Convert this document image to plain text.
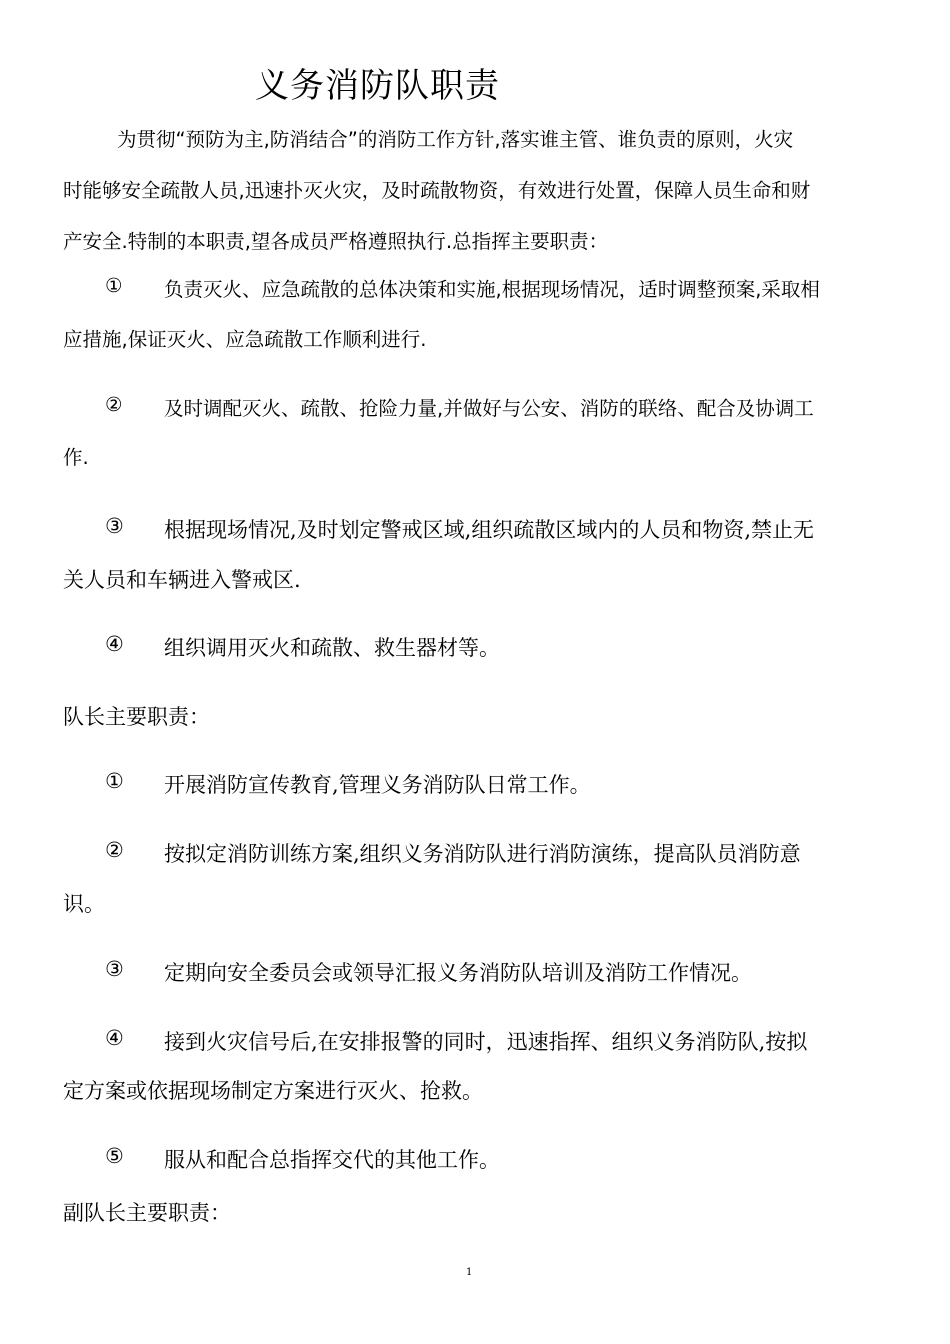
义务消防队职责
为贯彻“预防为主,防消结合”的消防工作方针,落实谁主管、谁负责的原则，火灾
时能够安全疏散人员,迅速扑灭火灾，及时疏散物资，有效进行处置，保障人员生命和财
产安全.特制的本职责,望各成员严格遵照执行.总指挥主要职责：
① 负责灭火、应急疏散的总体决策和实施,根据现场情况，适时调整预案,采取相
应措施,保证灭火、应急疏散工作顺利进行.
② 及时调配灭火、疏散、抢险力量,并做好与公安、消防的联络、配合及协调工
作.
③ 根据现场情况,及时划定警戒区域,组织疏散区域内的人员和物资,禁止无
关人员和车辆进入警戒区.
④ 组织调用灭火和疏散、救生器材等。
队长主要职责：
① 开展消防宣传教育,管理义务消防队日常工作。
② 按拟定消防训练方案,组织义务消防队进行消防演练，提高队员消防意
识。
③ 定期向安全委员会或领导汇报义务消防队培训及消防工作情况。
④ 接到火灾信号后,在安排报警的同时，迅速指挥、组织义务消防队,按拟
定方案或依据现场制定方案进行灭火、抢救。
⑤ 服从和配合总指挥交代的其他工作。
副队长主要职责：
1
